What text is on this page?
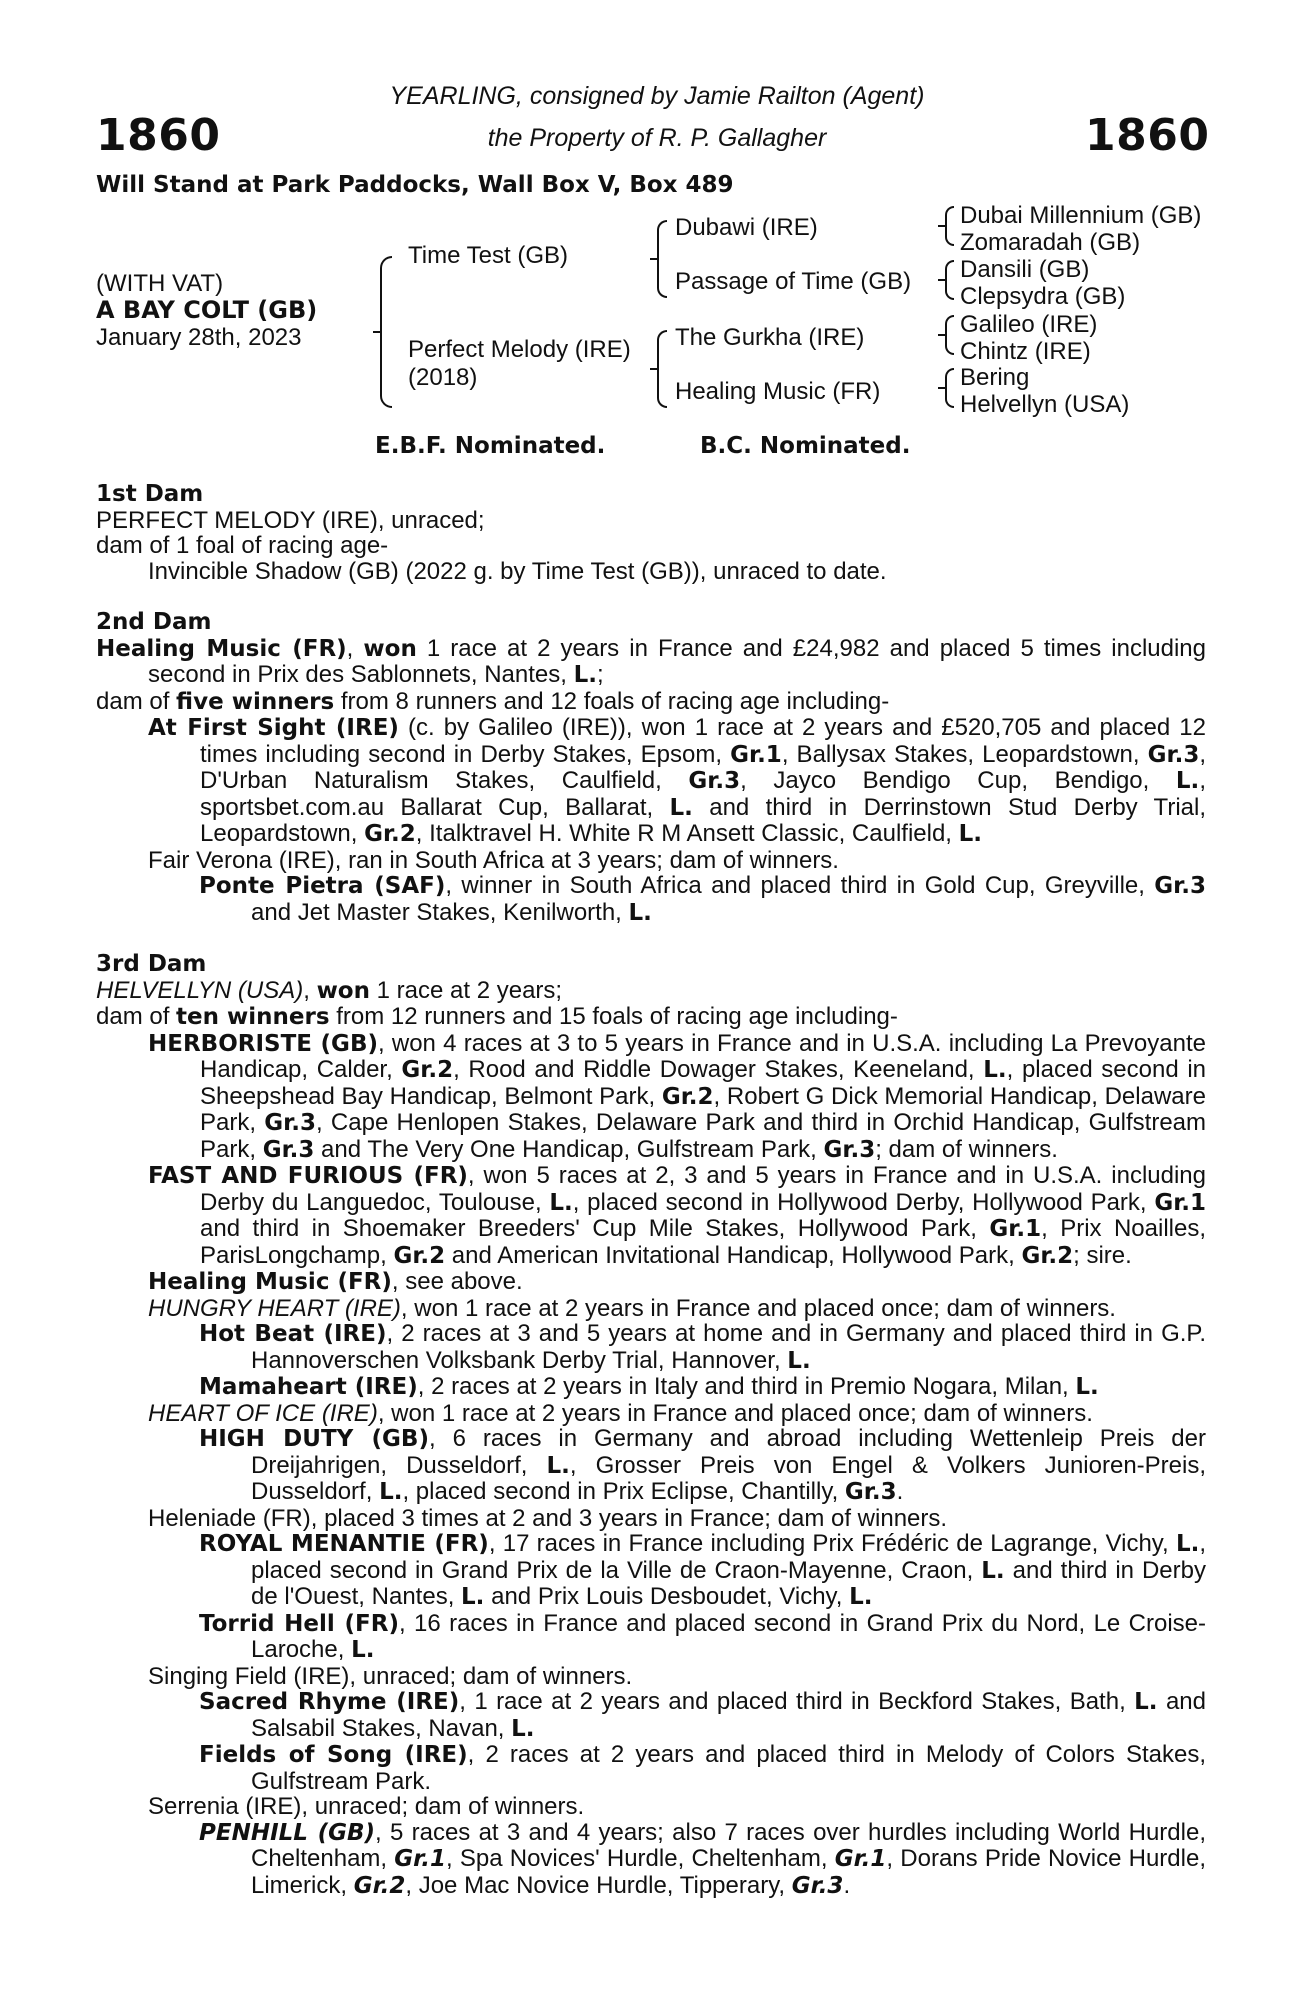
1860	1860
YEARLING, consigned by Jamie Railton (Agent)
the Property of R. P. Gallagher
Will Stand at Park Paddocks, Wall Box V, Box 489
(WITH VAT)
A BAY COLT (GB)
January 28th, 2023
Time Test (GB)
Perfect Melody (IRE)
(2018)
Dubawi (IRE)
Passage of Time (GB)
The Gurkha (IRE)
Healing Music (FR)
Dubai Millennium (GB)
Zomaradah (GB)
Dansili (GB)
Clepsydra (GB)
Galileo (IRE)
Chintz (IRE)
Bering
Helvellyn (USA)
E.B.F. Nominated.	B.C. Nominated.
1st Dam

PERFECT MELODY (IRE), unraced;

dam of 1 foal of racing age-

Invincible Shadow (GB) (2022 g. by Time Test (GB)), unraced to date.

2nd Dam

Healing Music (FR), won 1 race at 2 years in France and £24,982 and placed 5 times including second in Prix des Sablonnets, Nantes, L.;

dam of five winners from 8 runners and 12 foals of racing age including-

At First Sight (IRE) (c. by Galileo (IRE)), won 1 race at 2 years and £520,705 and placed 12 times including second in Derby Stakes, Epsom, Gr.1, Ballysax Stakes, Leopardstown, Gr.3, D'Urban Naturalism Stakes, Caulfield, Gr.3, Jayco Bendigo Cup, Bendigo, L., sportsbet.com.au Ballarat Cup, Ballarat, L. and third in Derrinstown Stud Derby Trial, Leopardstown, Gr.2, Italktravel H. White R M Ansett Classic, Caulfield, L.

Fair Verona (IRE), ran in South Africa at 3 years; dam of winners.

Ponte Pietra (SAF), winner in South Africa and placed third in Gold Cup, Greyville, Gr.3 and Jet Master Stakes, Kenilworth, L.

3rd Dam

HELVELLYN (USA), won 1 race at 2 years;

dam of ten winners from 12 runners and 15 foals of racing age including-

HERBORISTE (GB), won 4 races at 3 to 5 years in France and in U.S.A. including La Prevoyante Handicap, Calder, Gr.2, Rood and Riddle Dowager Stakes, Keeneland, L., placed second in Sheepshead Bay Handicap, Belmont Park, Gr.2, Robert G Dick Memorial Handicap, Delaware Park, Gr.3, Cape Henlopen Stakes, Delaware Park and third in Orchid Handicap, Gulfstream Park, Gr.3 and The Very One Handicap, Gulfstream Park, Gr.3; dam of winners.

FAST AND FURIOUS (FR), won 5 races at 2, 3 and 5 years in France and in U.S.A. including Derby du Languedoc, Toulouse, L., placed second in Hollywood Derby, Hollywood Park, Gr.1 and third in Shoemaker Breeders' Cup Mile Stakes, Hollywood Park, Gr.1, Prix Noailles, ParisLongchamp, Gr.2 and American Invitational Handicap, Hollywood Park, Gr.2; sire.

Healing Music (FR), see above.

HUNGRY HEART (IRE), won 1 race at 2 years in France and placed once; dam of winners.

Hot Beat (IRE), 2 races at 3 and 5 years at home and in Germany and placed third in G.P. Hannoverschen Volksbank Derby Trial, Hannover, L.

Mamaheart (IRE), 2 races at 2 years in Italy and third in Premio Nogara, Milan, L.

HEART OF ICE (IRE), won 1 race at 2 years in France and placed once; dam of winners.

HIGH DUTY (GB), 6 races in Germany and abroad including Wettenleip Preis der Dreijahrigen, Dusseldorf, L., Grosser Preis von Engel & Volkers Junioren-Preis, Dusseldorf, L., placed second in Prix Eclipse, Chantilly, Gr.3.

Heleniade (FR), placed 3 times at 2 and 3 years in France; dam of winners.

ROYAL MENANTIE (FR), 17 races in France including Prix Frédéric de Lagrange, Vichy, L., placed second in Grand Prix de la Ville de Craon-Mayenne, Craon, L. and third in Derby de l'Ouest, Nantes, L. and Prix Louis Desboudet, Vichy, L.

Torrid Hell (FR), 16 races in France and placed second in Grand Prix du Nord, Le Croise-Laroche, L.

Singing Field (IRE), unraced; dam of winners.

Sacred Rhyme (IRE), 1 race at 2 years and placed third in Beckford Stakes, Bath, L. and Salsabil Stakes, Navan, L.

Fields of Song (IRE), 2 races at 2 years and placed third in Melody of Colors Stakes, Gulfstream Park.

Serrenia (IRE), unraced; dam of winners.

PENHILL (GB), 5 races at 3 and 4 years; also 7 races over hurdles including World Hurdle, Cheltenham, Gr.1, Spa Novices' Hurdle, Cheltenham, Gr.1, Dorans Pride Novice Hurdle, Limerick, Gr.2, Joe Mac Novice Hurdle, Tipperary, Gr.3.
